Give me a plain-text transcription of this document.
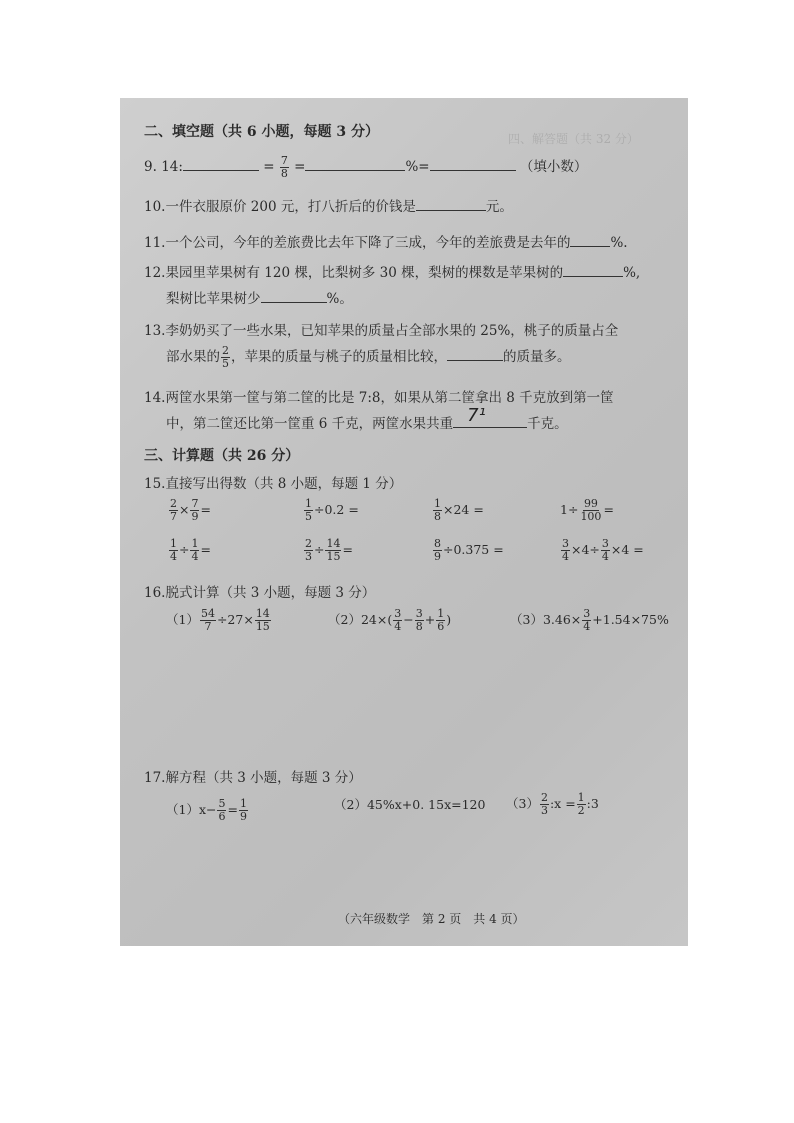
四、解答题（共 32 分）
二、填空题（共 6 小题，每题 3 分）
9. 14:	= $\frac{7}{8}$ =	%=	（填小数）
10.一件衣服原价 200 元，打八折后的价钱是	元。
11.一个公司，今年的差旅费比去年下降了三成，今年的差旅费是去年的	%.
12.果园里苹果树有 120 棵，比梨树多 30 棵，梨树的棵数是苹果树的	%,
梨树比苹果树少	%。
13.李奶奶买了一些水果，已知苹果的质量占全部水果的 25%，桃子的质量占全
部水果的 $\frac{2}{5}$ ，苹果的质量与桃子的质量相比较，	的质量多。
14.两筐水果第一筐与第二筐的比是 7:8，如果从第二筐拿出 8 千克放到第一筐
中，第二筐还比第一筐重 6 千克，两筐水果共重 7¹	千克。
三、计算题（共 26 分）
15.直接写出得数（共 8 小题，每题 1 分）
$\frac{2}{7} \times \frac{7}{9}$ =	$\frac{1}{5} \div 0.2$ =	$\frac{1}{8} \times 24$ =	$1\div \frac{99}{100}$ =
$\frac{1}{4} \div \frac{1}{4}$ =	$\frac{2}{3} \div \frac{14}{15}$ =	$\frac{8}{9} \div 0.375$ =	$\frac{3}{4} \times 4\div \frac{3}{4} \times 4$ =
16.脱式计算（共 3 小题，每题 3 分）
$(1) \frac{54}{7} \div 27\times \frac{14}{15}$	$(2)24\times( \frac{3}{4} - \frac{3}{8} + \frac{1}{6}$ )	$(3)3.46\times \frac{3}{4} +1.54\times 75\%$
17.解方程（共 3 小题，每题 3 分）
$(1)x- \frac{5}{6} = \frac{1}{9}$	（2）45%x+0. 15x=120 $(3) \frac{2}{3}$ :x = $\frac{1}{2}$ :3
（六年级数学　第 2 页　共 4 页）
